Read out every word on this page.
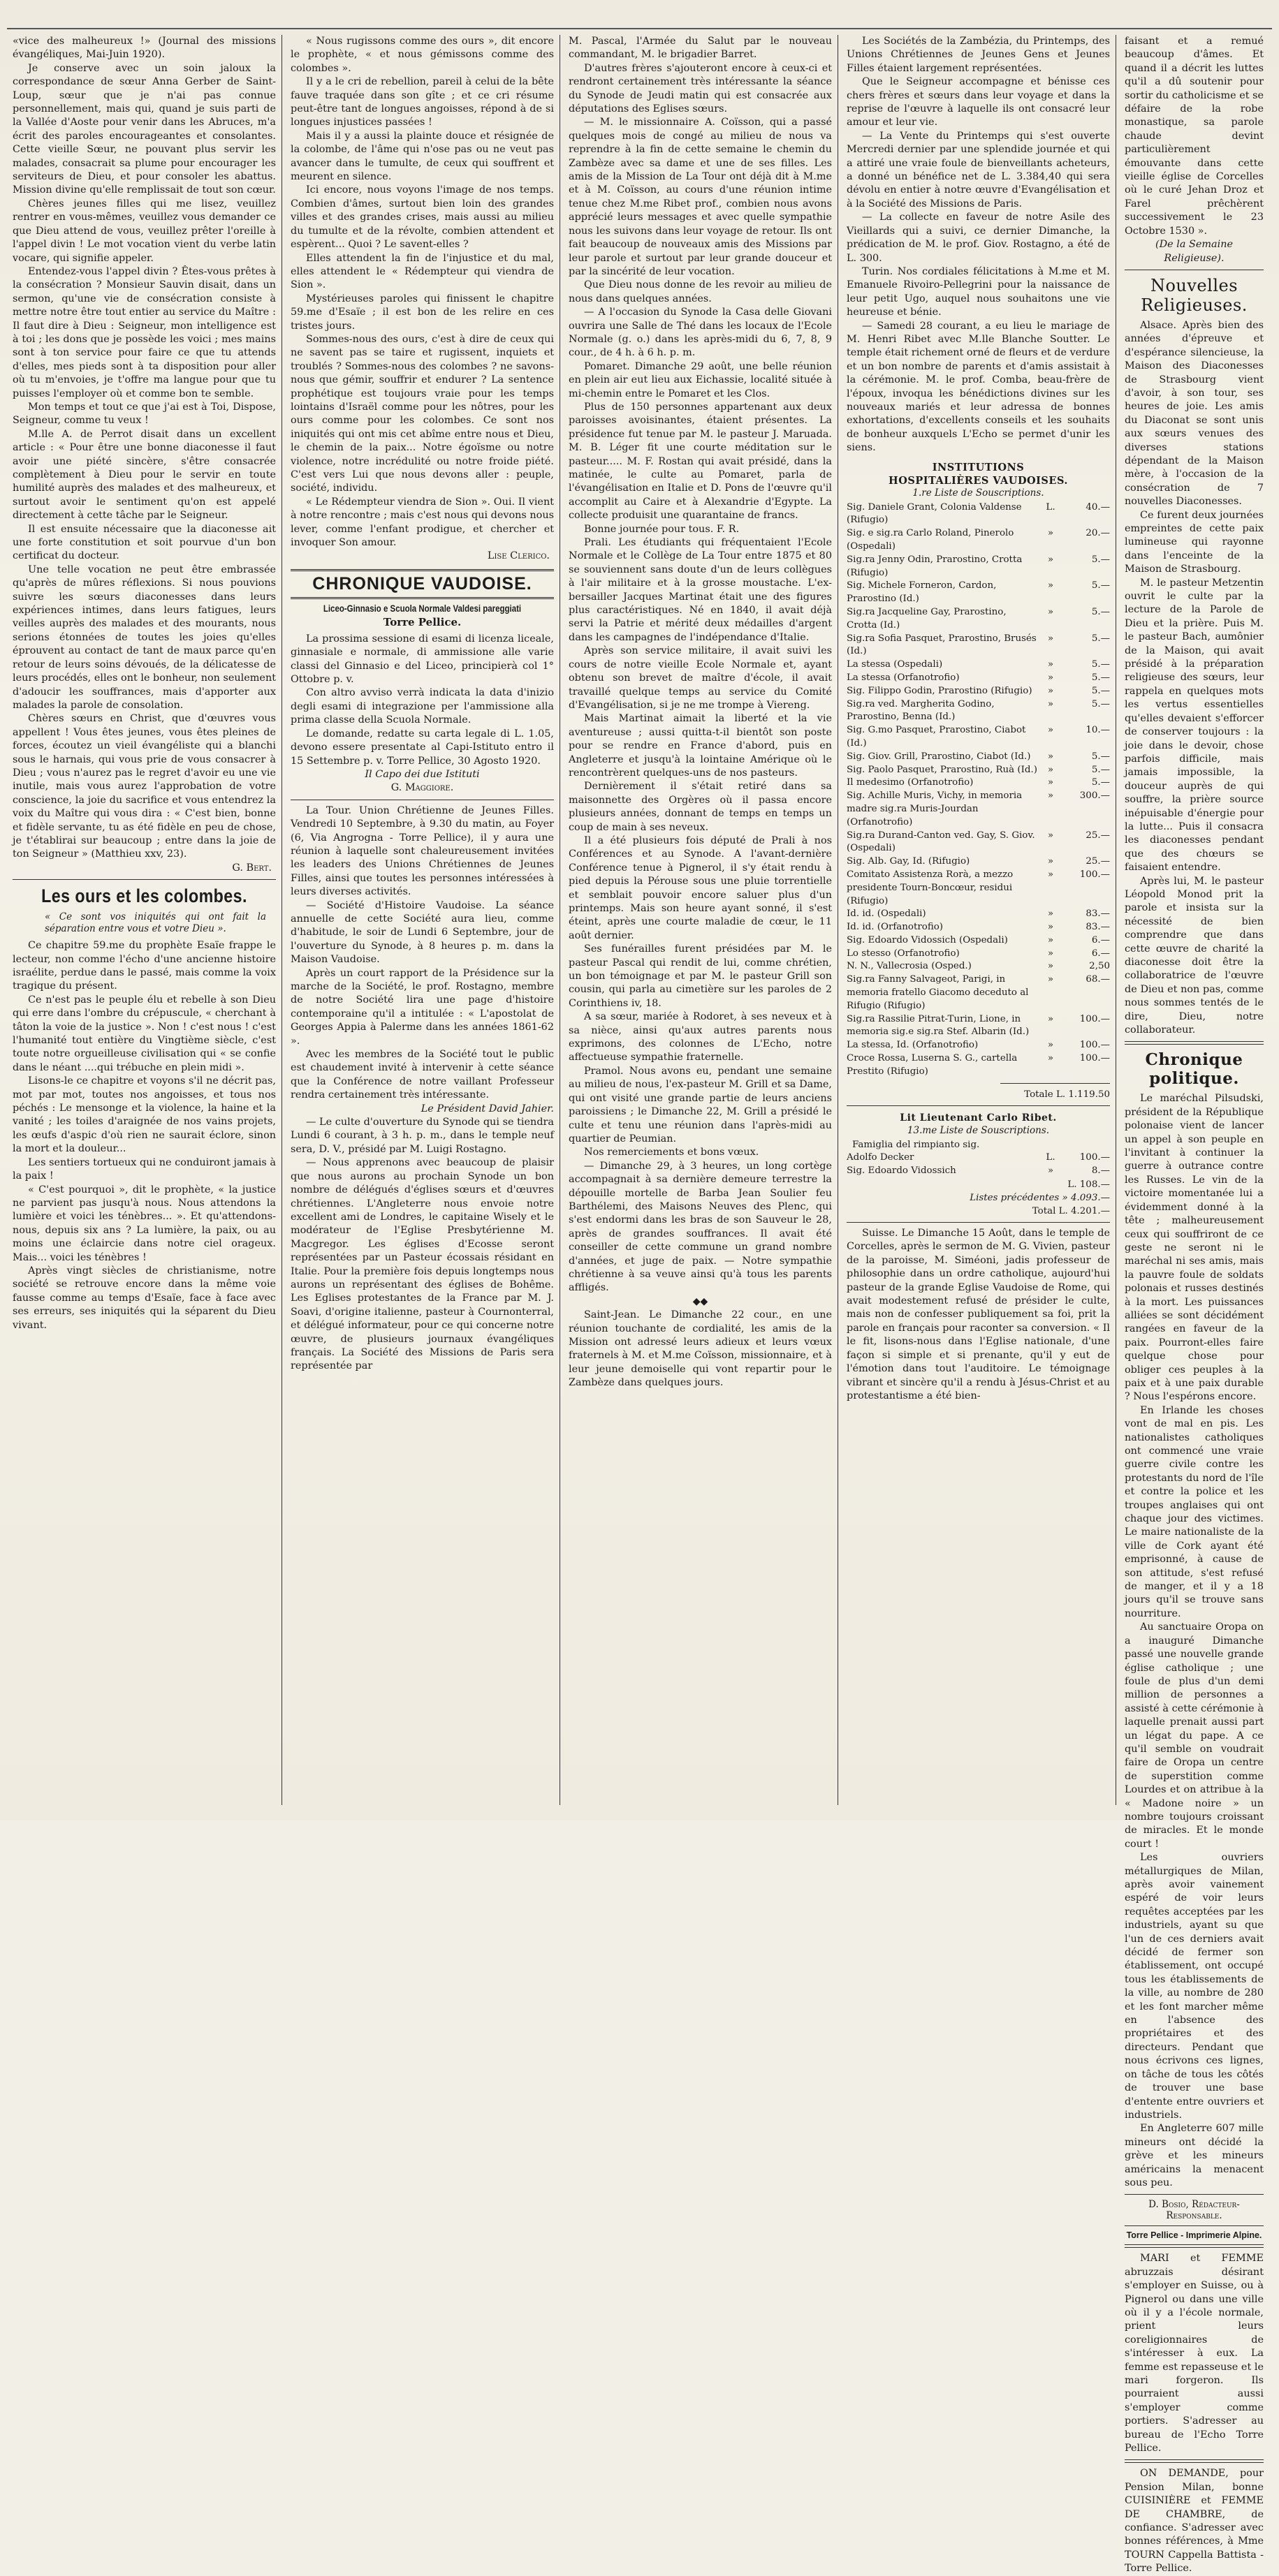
«vice des malheureux !» (Journal des missions évangéliques, Mai-Juin 1920).

Je conserve avec un soin jaloux la correspondance de sœur Anna Gerber de Saint-Loup, sœur que je n'ai pas connue personnellement, mais qui, quand je suis parti de la Vallée d'Aoste pour venir dans les Abruces, m'a écrit des paroles encourageantes et consolantes. Cette vieille Sœur, ne pouvant plus servir les malades, consacrait sa plume pour encourager les serviteurs de Dieu, et pour consoler les abattus. Mission divine qu'elle remplissait de tout son cœur.

Chères jeunes filles qui me lisez, veuillez rentrer en vous-mêmes, veuillez vous demander ce que Dieu attend de vous, veuillez prêter l'oreille à l'appel divin ! Le mot vocation vient du verbe latin vocare, qui signifie appeler.

Entendez-vous l'appel divin ? Êtes-vous prêtes à la consécration ? Monsieur Sauvin disait, dans un sermon, qu'une vie de consécration consiste à mettre notre être tout entier au service du Maître : Il faut dire à Dieu : Seigneur, mon intelligence est à toi ; les dons que je possède les voici ; mes mains sont à ton service pour faire ce que tu attends d'elles, mes pieds sont à ta disposition pour aller où tu m'envoies, je t'offre ma langue pour que tu puisses l'employer où et comme bon te semble.

Mon temps et tout ce que j'ai est à Toi, Dispose, Seigneur, comme tu veux !

M.lle A. de Perrot disait dans un excellent article : « Pour être une bonne diaconesse il faut avoir une piété sincère, s'être consacrée complètement à Dieu pour le servir en toute humilité auprès des malades et des malheureux, et surtout avoir le sentiment qu'on est appelé directement à cette tâche par le Seigneur.

Il est ensuite nécessaire que la diaconesse ait une forte constitution et soit pourvue d'un bon certificat du docteur.

Une telle vocation ne peut être embrassée qu'après de mûres réflexions. Si nous pouvions suivre les sœurs diaconesses dans leurs expériences intimes, dans leurs fatigues, leurs veilles auprès des malades et des mourants, nous serions étonnées de toutes les joies qu'elles éprouvent au contact de tant de maux parce qu'en retour de leurs soins dévoués, de la délicatesse de leurs procédés, elles ont le bonheur, non seulement d'adoucir les souffrances, mais d'apporter aux malades la parole de consolation.

Chères sœurs en Christ, que d'œuvres vous appellent ! Vous êtes jeunes, vous êtes pleines de forces, écoutez un vieil évangéliste qui a blanchi sous le harnais, qui vous prie de vous consacrer à Dieu ; vous n'aurez pas le regret d'avoir eu une vie inutile, mais vous aurez l'approbation de votre conscience, la joie du sacrifice et vous entendrez la voix du Maître qui vous dira : « C'est bien, bonne et fidèle servante, tu as été fidèle en peu de chose, je t'établirai sur beaucoup ; entre dans la joie de ton Seigneur » (Matthieu xxv, 23).

G. Bert.
Les ours et les colombes.
« Ce sont vos iniquités qui ont fait la séparation entre vous et votre Dieu ».

Ce chapitre 59.me du prophète Esaïe frappe le lecteur, non comme l'écho d'une ancienne histoire israélite, perdue dans le passé, mais comme la voix tragique du présent.

Ce n'est pas le peuple élu et rebelle à son Dieu qui erre dans l'ombre du crépuscule, « cherchant à tâton la voie de la justice ». Non ! c'est nous ! c'est l'humanité tout entière du Vingtième siècle, c'est toute notre orgueilleuse civilisation qui « se confie dans le néant ....qui trébuche en plein midi ».

Lisons-le ce chapitre et voyons s'il ne décrit pas, mot par mot, toutes nos angoisses, et tous nos péchés : Le mensonge et la violence, la haine et la vanité ; les toiles d'araignée de nos vains projets, les œufs d'aspic d'où rien ne saurait éclore, sinon la mort et la douleur...

Les sentiers tortueux qui ne conduiront jamais à la paix !

« C'est pourquoi », dit le prophète, « la justice ne parvient pas jusqu'à nous. Nous attendons la lumière et voici les ténèbres... ». Et qu'attendons-nous, depuis six ans ? La lumière, la paix, ou au moins une éclaircie dans notre ciel orageux. Mais... voici les ténèbres !

Après vingt siècles de christianisme, notre société se retrouve encore dans la même voie fausse comme au temps d'Esaïe, face à face avec ses erreurs, ses iniquités qui la séparent du Dieu vivant.

« Nous rugissons comme des ours », dit encore le prophète, « et nous gémissons comme des colombes ».

Il y a le cri de rebellion, pareil à celui de la bête fauve traquée dans son gîte ; et ce cri résume peut-être tant de longues angoisses, répond à de si longues injustices passées !

Mais il y a aussi la plainte douce et résignée de la colombe, de l'âme qui n'ose pas ou ne veut pas avancer dans le tumulte, de ceux qui souffrent et meurent en silence.

Ici encore, nous voyons l'image de nos temps. Combien d'âmes, surtout bien loin des grandes villes et des grandes crises, mais aussi au milieu du tumulte et de la révolte, combien attendent et espèrent... Quoi ? Le savent-elles ?

Elles attendent la fin de l'injustice et du mal, elles attendent le « Rédempteur qui viendra de Sion ».

Mystérieuses paroles qui finissent le chapitre 59.me d'Esaïe ; il est bon de les relire en ces tristes jours.

Sommes-nous des ours, c'est à dire de ceux qui ne savent pas se taire et rugissent, inquiets et troublés ? Sommes-nous des colombes ? ne savons-nous que gémir, souffrir et endurer ? La sentence prophétique est toujours vraie pour les temps lointains d'Israël comme pour les nôtres, pour les ours comme pour les colombes. Ce sont nos iniquités qui ont mis cet abîme entre nous et Dieu, le chemin de la paix... Notre égoïsme ou notre violence, notre incrédulité ou notre froide piété. C'est vers Lui que nous devons aller : peuple, société, individu.

« Le Rédempteur viendra de Sion ». Oui. Il vient à notre rencontre ; mais c'est nous qui devons nous lever, comme l'enfant prodigue, et chercher et invoquer Son amour.

Lise Clerico.
CHRONIQUE VAUDOISE.

Liceo-Ginnasio e Scuola Normale Valdesi pareggiati

Torre Pellice.

La prossima sessione di esami di licenza liceale, ginnasiale e normale, di ammissione alle varie classi del Ginnasio e del Liceo, principierà col 1° Ottobre p. v.

Con altro avviso verrà indicata la data d'inizio degli esami di integrazione per l'ammissione alla prima classe della Scuola Normale.

Le domande, redatte su carta legale di L. 1.05, devono essere presentate al Capi-Istituto entro il 15 Settembre p. v. Torre Pellice, 30 Agosto 1920.

Il Capo dei due Istituti

G. Maggiore.

La Tour. Union Chrétienne de Jeunes Filles. Vendredi 10 Septembre, à 9.30 du matin, au Foyer (6, Via Angrogna - Torre Pellice), il y aura une réunion à laquelle sont chaleureusement invitées les leaders des Unions Chrétiennes de Jeunes Filles, ainsi que toutes les personnes intéressées à leurs diverses activités.

— Société d'Histoire Vaudoise. La séance annuelle de cette Société aura lieu, comme d'habitude, le soir de Lundi 6 Septembre, jour de l'ouverture du Synode, à 8 heures p. m. dans la Maison Vaudoise.

Après un court rapport de la Présidence sur la marche de la Société, le prof. Rostagno, membre de notre Société lira une page d'histoire contemporaine qu'il a intitulée : « L'apostolat de Georges Appia à Palerme dans les années 1861-62 ».

Avec les membres de la Société tout le public est chaudement invité à intervenir à cette séance que la Conférence de notre vaillant Professeur rendra certainement très intéressante.

Le Président David Jahier.

— Le culte d'ouverture du Synode qui se tiendra Lundi 6 courant, à 3 h. p. m., dans le temple neuf sera, D. V., présidé par M. Luigi Rostagno.

— Nous apprenons avec beaucoup de plaisir que nous aurons au prochain Synode un bon nombre de délégués d'églises sœurs et d'œuvres chrétiennes. L'Angleterre nous envoie notre excellent ami de Londres, le capitaine Wisely et le modérateur de l'Eglise Presbytérienne M. Macgregor. Les églises d'Ecosse seront représentées par un Pasteur écossais résidant en Italie. Pour la première fois depuis longtemps nous aurons un représentant des églises de Bohême. Les Eglises protestantes de la France par M. J. Soavi, d'origine italienne, pasteur à Cournonterral, et délégué informateur, pour ce qui concerne notre œuvre, de plusieurs journaux évangéliques français. La Société des Missions de Paris sera représentée par

M. Pascal, l'Armée du Salut par le nouveau commandant, M. le brigadier Barret.

D'autres frères s'ajouteront encore à ceux-ci et rendront certainement très intéressante la séance du Synode de Jeudi matin qui est consacrée aux députations des Eglises sœurs.

— M. le missionnaire A. Coïsson, qui a passé quelques mois de congé au milieu de nous va reprendre à la fin de cette semaine le chemin du Zambèze avec sa dame et une de ses filles. Les amis de la Mission de La Tour ont déjà dit à M.me et à M. Coïsson, au cours d'une réunion intime tenue chez M.me Ribet prof., combien nous avons apprécié leurs messages et avec quelle sympathie nous les suivons dans leur voyage de retour. Ils ont fait beaucoup de nouveaux amis des Missions par leur parole et surtout par leur grande douceur et par la sincérité de leur vocation.

Que Dieu nous donne de les revoir au milieu de nous dans quelques années.

— A l'occasion du Synode la Casa delle Giovani ouvrira une Salle de Thé dans les locaux de l'Ecole Normale (g. o.) dans les après-midi du 6, 7, 8, 9 cour., de 4 h. à 6 h. p. m.

Pomaret. Dimanche 29 août, une belle réunion en plein air eut lieu aux Eichassie, localité située à mi-chemin entre le Pomaret et les Clos.

Plus de 150 personnes appartenant aux deux paroisses avoisinantes, étaient présentes. La présidence fut tenue par M. le pasteur J. Maruada. M. B. Léger fit une courte méditation sur le pasteur..... M. F. Rostan qui avait présidé, dans la matinée, le culte au Pomaret, parla de l'évangélisation en Italie et D. Pons de l'œuvre qu'il accomplit au Caire et à Alexandrie d'Egypte. La collecte produisit une quarantaine de francs.

Bonne journée pour tous. F. R.

Prali. Les étudiants qui fréquentaient l'Ecole Normale et le Collège de La Tour entre 1875 et 80 se souviennent sans doute d'un de leurs collègues à l'air militaire et à la grosse moustache. L'ex-bersailler Jacques Martinat était une des figures plus caractéristiques. Né en 1840, il avait déjà servi la Patrie et mérité deux médailles d'argent dans les campagnes de l'indépendance d'Italie.

Après son service militaire, il avait suivi les cours de notre vieille Ecole Normale et, ayant obtenu son brevet de maître d'école, il avait travaillé quelque temps au service du Comité d'Evangélisation, si je ne me trompe à Viereng.

Mais Martinat aimait la liberté et la vie aventureuse ; aussi quitta-t-il bientôt son poste pour se rendre en France d'abord, puis en Angleterre et jusqu'à la lointaine Amérique où le rencontrèrent quelques-uns de nos pasteurs.

Dernièrement il s'était retiré dans sa maisonnette des Orgères où il passa encore plusieurs années, donnant de temps en temps un coup de main à ses neveux.

Il a été plusieurs fois député de Prali à nos Conférences et au Synode. A l'avant-dernière Conférence tenue à Pignerol, il s'y était rendu à pied depuis la Pérouse sous une pluie torrentielle et semblait pouvoir encore saluer plus d'un printemps. Mais son heure ayant sonné, il s'est éteint, après une courte maladie de cœur, le 11 août dernier.

Ses funérailles furent présidées par M. le pasteur Pascal qui rendit de lui, comme chrétien, un bon témoignage et par M. le pasteur Grill son cousin, qui parla au cimetière sur les paroles de 2 Corinthiens iv, 18.

A sa sœur, mariée à Rodoret, à ses neveux et à sa nièce, ainsi qu'aux autres parents nous exprimons, des colonnes de L'Echo, notre affectueuse sympathie fraternelle.

Pramol. Nous avons eu, pendant une semaine au milieu de nous, l'ex-pasteur M. Grill et sa Dame, qui ont visité une grande partie de leurs anciens paroissiens ; le Dimanche 22, M. Grill a présidé le culte et tenu une réunion dans l'après-midi au quartier de Peumian.

Nos remerciements et bons vœux.

— Dimanche 29, à 3 heures, un long cortège accompagnait à sa dernière demeure terrestre la dépouille mortelle de Barba Jean Soulier feu Barthélemi, des Maisons Neuves des Plenc, qui s'est endormi dans les bras de son Sauveur le 28, après de grandes souffrances. Il avait été conseiller de cette commune un grand nombre d'années, et juge de paix. — Notre sympathie chrétienne à sa veuve ainsi qu'à tous les parents affligés.

◆◆

Saint-Jean. Le Dimanche 22 cour., en une réunion touchante de cordialité, les amis de la Mission ont adressé leurs adieux et leurs vœux fraternels à M. et M.me Coïsson, missionnaire, et à leur jeune demoiselle qui vont repartir pour le Zambèze dans quelques jours.

Les Sociétés de la Zambézia, du Printemps, des Unions Chrétiennes de Jeunes Gens et Jeunes Filles étaient largement représentées.

Que le Seigneur accompagne et bénisse ces chers frères et sœurs dans leur voyage et dans la reprise de l'œuvre à laquelle ils ont consacré leur amour et leur vie.

— La Vente du Printemps qui s'est ouverte Mercredi dernier par une splendide journée et qui a attiré une vraie foule de bienveillants acheteurs, a donné un bénéfice net de L. 3.384,40 qui sera dévolu en entier à notre œuvre d'Evangélisation et à la Société des Missions de Paris.

— La collecte en faveur de notre Asile des Vieillards qui a suivi, ce dernier Dimanche, la prédication de M. le prof. Giov. Rostagno, a été de L. 300.

Turin. Nos cordiales félicitations à M.me et M. Emanuele Rivoiro-Pellegrini pour la naissance de leur petit Ugo, auquel nous souhaitons une vie heureuse et bénie.

— Samedi 28 courant, a eu lieu le mariage de M. Henri Ribet avec M.lle Blanche Soutter. Le temple était richement orné de fleurs et de verdure et un bon nombre de parents et d'amis assistait à la cérémonie. M. le prof. Comba, beau-frère de l'époux, invoqua les bénédictions divines sur les nouveaux mariés et leur adressa de bonnes exhortations, d'excellents conseils et les souhaits de bonheur auxquels L'Echo se permet d'unir les siens.

INSTITUTIONS
HOSPITALIÈRES VAUDOISES.
1.re Liste de Souscriptions.
Sig. Daniele Grant, Colonia Valdense (Rifugio)
L.	40.—
Sig. e sig.ra Carlo Roland, Pinerolo (Ospedali)
»	20.—
Sig.ra Jenny Odin, Prarostino, Crotta (Rifugio)
»	5.—
Sig. Michele Forneron, Cardon, Prarostino (Id.)
»	5.—
Sig.ra Jacqueline Gay, Prarostino, Crotta (Id.)
»	5.—
Sig.ra Sofia Pasquet, Prarostino, Brusés (Id.)
»	5.—
La stessa (Ospedali)	»	5.—
La stessa (Orfanotrofio)	»	5.—
Sig. Filippo Godin, Prarostino (Rifugio)	»	5.—
Sig.ra ved. Margherita Godino, Prarostino, Benna (Id.)
»	5.—
Sig. G.mo Pasquet, Prarostino, Ciabot (Id.)
»	10.—
Sig. Giov. Grill, Prarostino, Ciabot (Id.)	»	5.—
Sig. Paolo Pasquet, Prarostino, Ruà (Id.)	»	5.—
Il medesimo (Orfanotrofio)	»	5.—
Sig. Achille Muris, Vichy, in memoria madre sig.ra Muris-Jourdan (Orfanotrofio)
»	300.—
Sig.ra Durand-Canton ved. Gay, S. Giov. (Ospedali)
»	25.—
Sig. Alb. Gay, Id. (Rifugio)	»	25.—
Comitato Assistenza Rorà, a mezzo presidente Tourn-Boncœur, residui (Rifugio)
»	100.—
Id. id. (Ospedali)	»	83.—
Id. id. (Orfanotrofio)	»	83.—
Sig. Edoardo Vidossich (Ospedali)	»	6.—
Lo stesso (Orfanotrofio)	»	6.—
N. N., Vallecrosia (Osped.)	»	2,50
Sig.ra Fanny Salvageot, Parigi, in memoria fratello Giacomo deceduto al Rifugio (Rifugio)
»	68.—
Sig.ra Rassilie Pitrat-Turin, Lione, in memoria sig.e sig.ra Stef. Albarin (Id.)
»	100.—
La stessa, Id. (Orfanotrofio)	»	100.—
Croce Rossa, Luserna S. G., cartella Prestito (Rifugio)
»	100.—

Totale L. 1.119.50

Lit Lieutenant Carlo Ribet.
13.me Liste de Souscriptions.

Famiglia del rimpianto sig.

Adolfo Decker	L.	100.—
Sig. Edoardo Vidossich	»	8.—

L. 108.—

Listes précédentes » 4.093.—

Total L. 4.201.—

Suisse. Le Dimanche 15 Août, dans le temple de Corcelles, après le sermon de M. G. Vivien, pasteur de la paroisse, M. Siméoni, jadis professeur de philosophie dans un ordre catholique, aujourd'hui pasteur de la grande Eglise Vaudoise de Rome, qui avait modestement refusé de présider le culte, mais non de confesser publiquement sa foi, prit la parole en français pour raconter sa conversion. « Il le fit, lisons-nous dans l'Eglise nationale, d'une façon si simple et si prenante, qu'il y eut de l'émotion dans tout l'auditoire. Le témoignage vibrant et sincère qu'il a rendu à Jésus-Christ et au protestantisme a été bien-

faisant et a remué beaucoup d'âmes. Et quand il a décrit les luttes qu'il a dû soutenir pour sortir du catholicisme et se défaire de la robe monastique, sa parole chaude devint particulièrement émouvante dans cette vieille église de Corcelles où le curé Jehan Droz et Farel prêchèrent successivement le 23 Octobre 1530 ».

(De la Semaine Religieuse).

Nouvelles Religieuses.

Alsace. Après bien des années d'épreuve et d'espérance silencieuse, la Maison des Diaconesses de Strasbourg vient d'avoir, à son tour, ses heures de joie. Les amis du Diaconat se sont unis aux sœurs venues des diverses stations dépendant de la Maison mère, à l'occasion de la consécration de 7 nouvelles Diaconesses.

Ce furent deux journées empreintes de cette paix lumineuse qui rayonne dans l'enceinte de la Maison de Strasbourg.

M. le pasteur Metzentin ouvrit le culte par la lecture de la Parole de Dieu et la prière. Puis M. le pasteur Bach, aumônier de la Maison, qui avait présidé à la préparation religieuse des sœurs, leur rappela en quelques mots les vertus essentielles qu'elles devaient s'efforcer de conserver toujours : la joie dans le devoir, chose parfois difficile, mais jamais impossible, la douceur auprès de qui souffre, la prière source inépuisable d'énergie pour la lutte... Puis il consacra les diaconesses pendant que des chœurs se faisaient entendre.

Après lui, M. le pasteur Léopold Monod prit la parole et insista sur la nécessité de bien comprendre que dans cette œuvre de charité la diaconesse doit être la collaboratrice de l'œuvre de Dieu et non pas, comme nous sommes tentés de le dire, Dieu, notre collaborateur.

Chronique politique.

Le maréchal Pilsudski, président de la République polonaise vient de lancer un appel à son peuple en l'invitant à continuer la guerre à outrance contre les Russes. Le vin de la victoire momentanée lui a évidemment donné à la tête ; malheureusement ceux qui souffriront de ce geste ne seront ni le maréchal ni ses amis, mais la pauvre foule de soldats polonais et russes destinés à la mort. Les puissances alliées se sont décidément rangées en faveur de la paix. Pourront-elles faire quelque chose pour obliger ces peuples à la paix et à une paix durable ? Nous l'espérons encore.

En Irlande les choses vont de mal en pis. Les nationalistes catholiques ont commencé une vraie guerre civile contre les protestants du nord de l'île et contre la police et les troupes anglaises qui ont chaque jour des victimes. Le maire nationaliste de la ville de Cork ayant été emprisonné, à cause de son attitude, s'est refusé de manger, et il y a 18 jours qu'il se trouve sans nourriture.

Au sanctuaire Oropa on a inauguré Dimanche passé une nouvelle grande église catholique ; une foule de plus d'un demi million de personnes a assisté à cette cérémonie à laquelle prenait aussi part un légat du pape. A ce qu'il semble on voudrait faire de Oropa un centre de superstition comme Lourdes et on attribue à la « Madone noire » un nombre toujours croissant de miracles. Et le monde court !

Les ouvriers métallurgiques de Milan, après avoir vainement espéré de voir leurs requêtes acceptées par les industriels, ayant su que l'un de ces derniers avait décidé de fermer son établissement, ont occupé tous les établissements de la ville, au nombre de 280 et les font marcher même en l'absence des propriétaires et des directeurs. Pendant que nous écrivons ces lignes, on tâche de tous les côtés de trouver une base d'entente entre ouvriers et industriels.

En Angleterre 607 mille mineurs ont décidé la grève et les mineurs américains la menacent sous peu.

D. Bosio, Rédacteur-Responsable.

Torre Pellice - Imprimerie Alpine.

MARI et FEMME abruzzais désirant s'employer en Suisse, ou à Pignerol ou dans une ville où il y a l'école normale, prient leurs coreligionnaires de s'intéresser à eux. La femme est repasseuse et le mari forgeron. Ils pourraient aussi s'employer comme portiers. S'adresser au bureau de l'Echo Torre Pellice.

ON DEMANDE, pour Pension Milan, bonne CUISINIÈRE et FEMME DE CHAMBRE, de confiance. S'adresser avec bonnes références, à Mme TOURN Cappella Battista - Torre Pellice.
